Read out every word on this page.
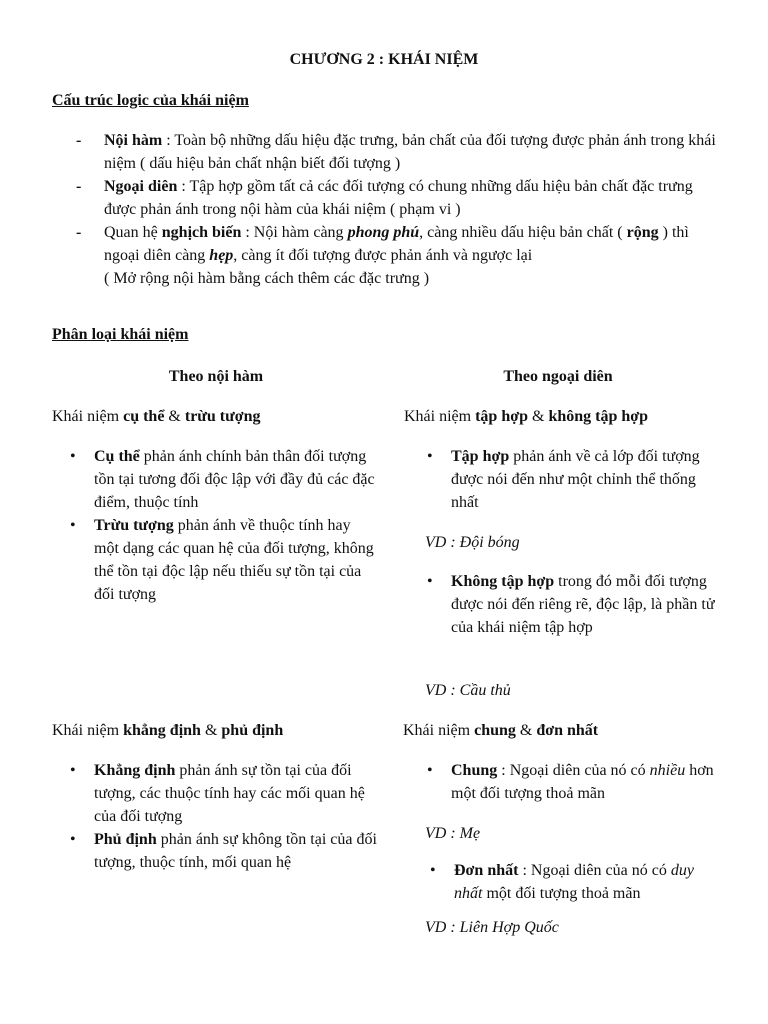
CHƯƠNG 2 : KHÁI NIỆM
Cấu trúc logic của khái niệm
- Nội hàm : Toàn bộ những dấu hiệu đặc trưng, bản chất của đối tượng được phản ánh trong khái niệm ( dấu hiệu bản chất nhận biết đối tượng )
- Ngoại diên : Tập hợp gồm tất cả các đối tượng có chung những dấu hiệu bản chất đặc trưng được phản ánh trong nội hàm của khái niệm ( phạm vi )
- Quan hệ nghịch biến : Nội hàm càng phong phú, càng nhiều dấu hiệu bản chất ( rộng ) thì ngoại diên càng hẹp, càng ít đối tượng được phản ánh và ngược lại
( Mở rộng nội hàm bằng cách thêm các đặc trưng )
Phân loại khái niệm
Theo nội hàm	Theo ngoại diên
Khái niệm cụ thể & trừu tượng
• Cụ thể phản ánh chính bản thân đối tượng tồn tại tương đối độc lập với đầy đủ các đặc điểm, thuộc tính
• Trừu tượng phản ánh về thuộc tính hay một dạng các quan hệ của đối tượng, không thể tồn tại độc lập nếu thiếu sự tồn tại của đối tượng
Khái niệm tập hợp & không tập hợp
• Tập hợp phản ánh về cả lớp đối tượng được nói đến như một chỉnh thể thống nhất
VD : Đội bóng
• Không tập hợp trong đó mỗi đối tượng được nói đến riêng rẽ, độc lập, là phần tử của khái niệm tập hợp
VD : Cầu thủ
Khái niệm khẳng định & phủ định
• Khẳng định phản ánh sự tồn tại của đối tượng, các thuộc tính hay các mối quan hệ của đối tượng
• Phủ định phản ánh sự không tồn tại của đối tượng, thuộc tính, mối quan hệ
Khái niệm chung & đơn nhất
• Chung : Ngoại diên của nó có nhiều hơn một đối tượng thoả mãn
VD : Mẹ
• Đơn nhất : Ngoại diên của nó có duy nhất một đối tượng thoả mãn
VD : Liên Hợp Quốc
